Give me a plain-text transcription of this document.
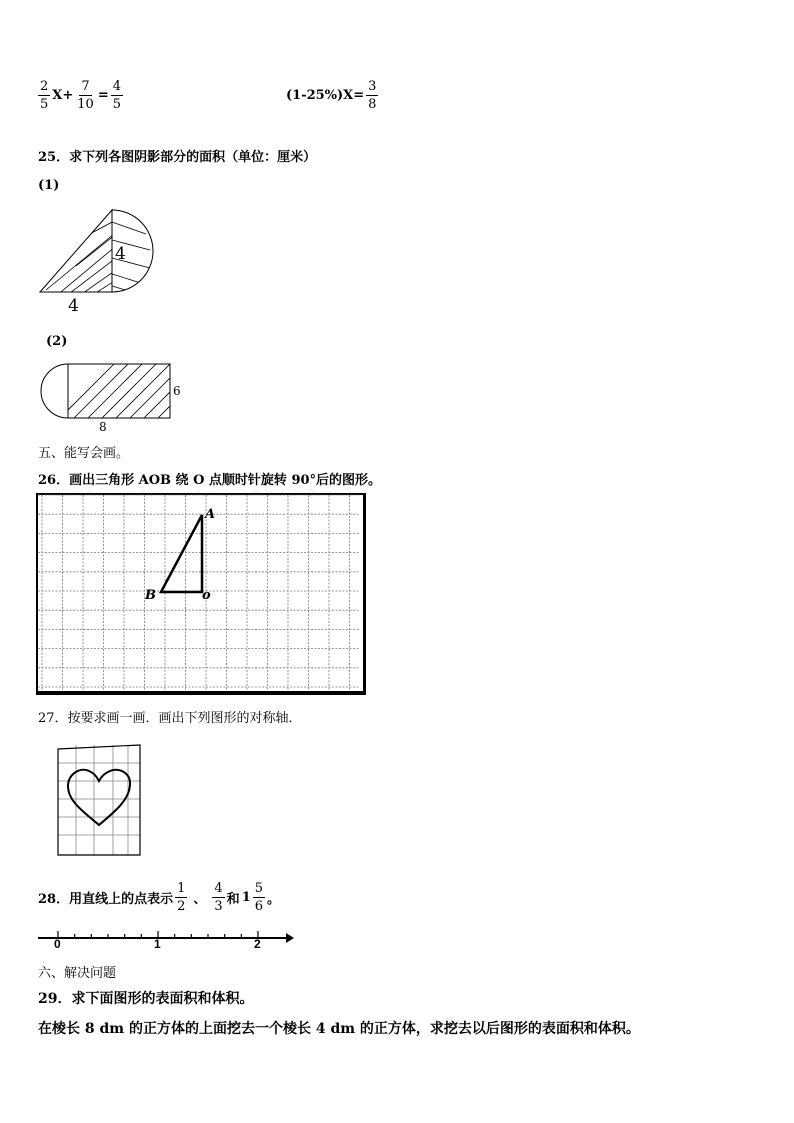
$\frac{2}{5} X+ \frac{7}{10} = \frac{4}{5}$	$(1-25\%)X= \frac{3}{8}$
25．求下列各图阴影部分的面积（单位：厘米）
(1)
4
4
(2)
6
8
五、能写会画。
26．画出三角形 AOB 绕 O 点顺时针旋转 90°后的图形。
A
B	o
27．按要求画一画．画出下列图形的对称轴．
28．用直线上的点表示 $\frac{1}{2}$ 、 $\frac{4}{3}$ 和 $1 \frac{5}{6}$ 。
0	1	2
六、解决问题
29．求下面图形的表面积和体积。
在棱长 8 dm 的正方体的上面挖去一个棱长 4 dm 的正方体，求挖去以后图形的表面积和体积。
